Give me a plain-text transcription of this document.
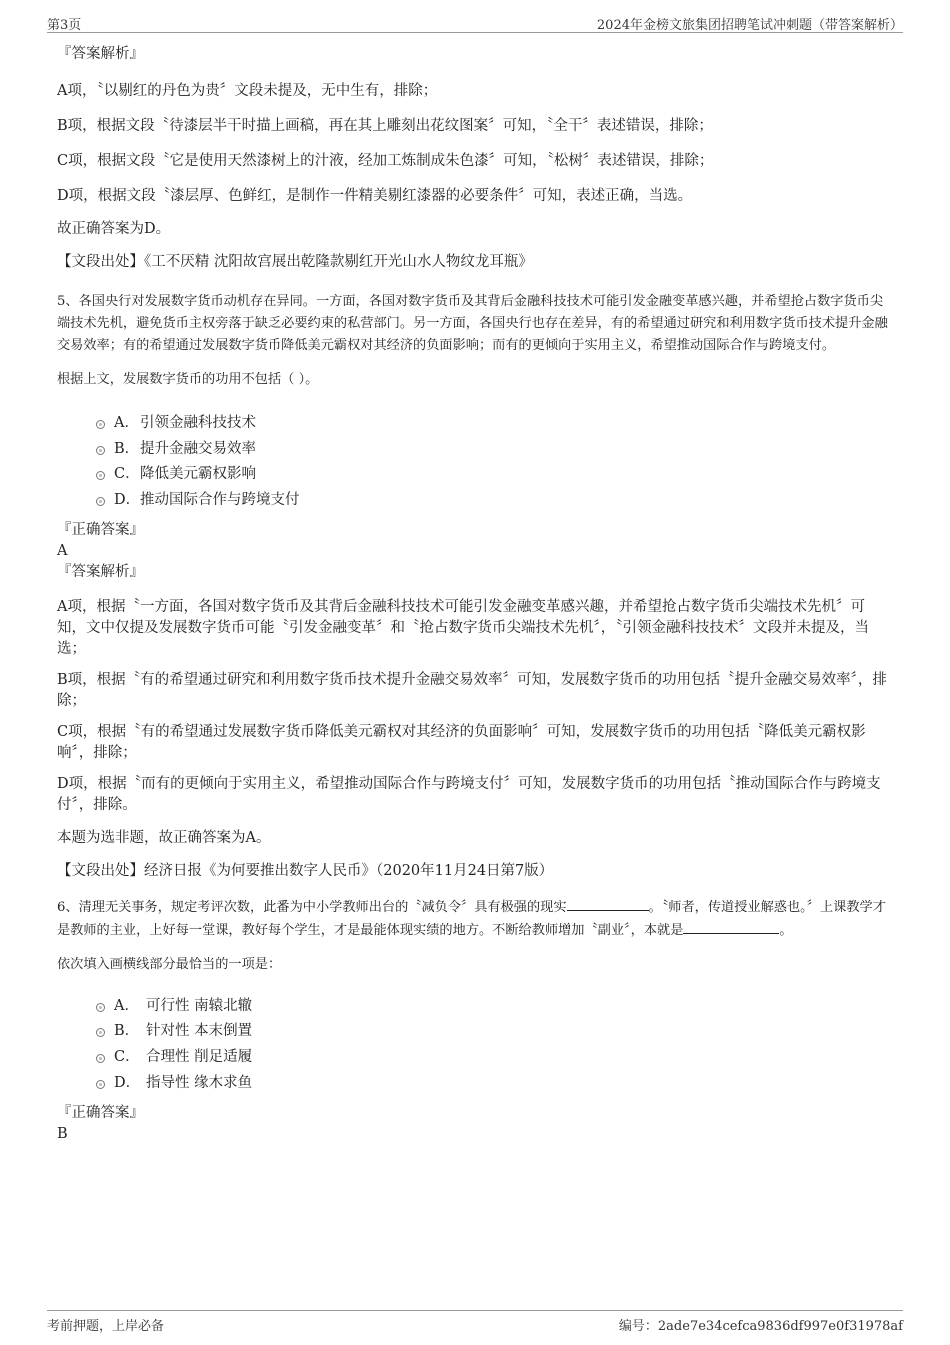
第3页	2024年金榜文旅集团招聘笔试冲刺题（带答案解析）

『答案解析』

A项，〝以剔红的丹色为贵〞文段未提及，无中生有，排除；

B项，根据文段〝待漆层半干时描上画稿，再在其上雕刻出花纹图案〞可知，〝全干〞表述错误，排除；

C项，根据文段〝它是使用天然漆树上的汁液，经加工炼制成朱色漆〞可知，〝松树〞表述错误，排除；

D项，根据文段〝漆层厚、色鲜红，是制作一件精美剔红漆器的必要条件〞可知，表述正确，当选。

故正确答案为D。

【文段出处】《工不厌精 沈阳故宫展出乾隆款剔红开光山水人物纹龙耳瓶》

5、各国央行对发展数字货币动机存在异同。一方面，各国对数字货币及其背后金融科技技术可能引发金融变革感兴趣，并希望抢占数字货币尖端技术先机，避免货币主权旁落于缺乏必要约束的私营部门。另一方面，各国央行也存在差异，有的希望通过研究和利用数字货币技术提升金融交易效率；有的希望通过发展数字货币降低美元霸权对其经济的负面影响；而有的更倾向于实用主义，希望推动国际合作与跨境支付。

根据上文，发展数字货币的功用不包括（ ）。

A．引领金融科技技术
B．提升金融交易效率
C．降低美元霸权影响
D．推动国际合作与跨境支付

『正确答案』

A

『答案解析』

A项，根据〝一方面，各国对数字货币及其背后金融科技技术可能引发金融变革感兴趣，并希望抢占数字货币尖端技术先机〞可知，文中仅提及发展数字货币可能〝引发金融变革〞和〝抢占数字货币尖端技术先机〞，〝引领金融科技技术〞文段并未提及，当选；

B项，根据〝有的希望通过研究和利用数字货币技术提升金融交易效率〞可知，发展数字货币的功用包括〝提升金融交易效率〞，排除；

C项，根据〝有的希望通过发展数字货币降低美元霸权对其经济的负面影响〞可知，发展数字货币的功用包括〝降低美元霸权影响〞，排除；

D项，根据〝而有的更倾向于实用主义，希望推动国际合作与跨境支付〞可知，发展数字货币的功用包括〝推动国际合作与跨境支付〞，排除。

本题为选非题，故正确答案为A。

【文段出处】经济日报《为何要推出数字人民币》（2020年11月24日第7版）

6、清理无关事务，规定考评次数，此番为中小学教师出台的〝减负令〞具有极强的现实	。〝师者，传道授业解惑也。〞上课教学才是教师的主业，上好每一堂课，教好每个学生，才是最能体现实绩的地方。不断给教师增加〝副业〞，本就是	。

依次填入画横线部分最恰当的一项是：

A． 可行性 南辕北辙
B． 针对性 本末倒置
C． 合理性 削足适履
D． 指导性 缘木求鱼

『正确答案』

B

考前押题，上岸必备	编号：2ade7e34cefca9836df997e0f31978af
